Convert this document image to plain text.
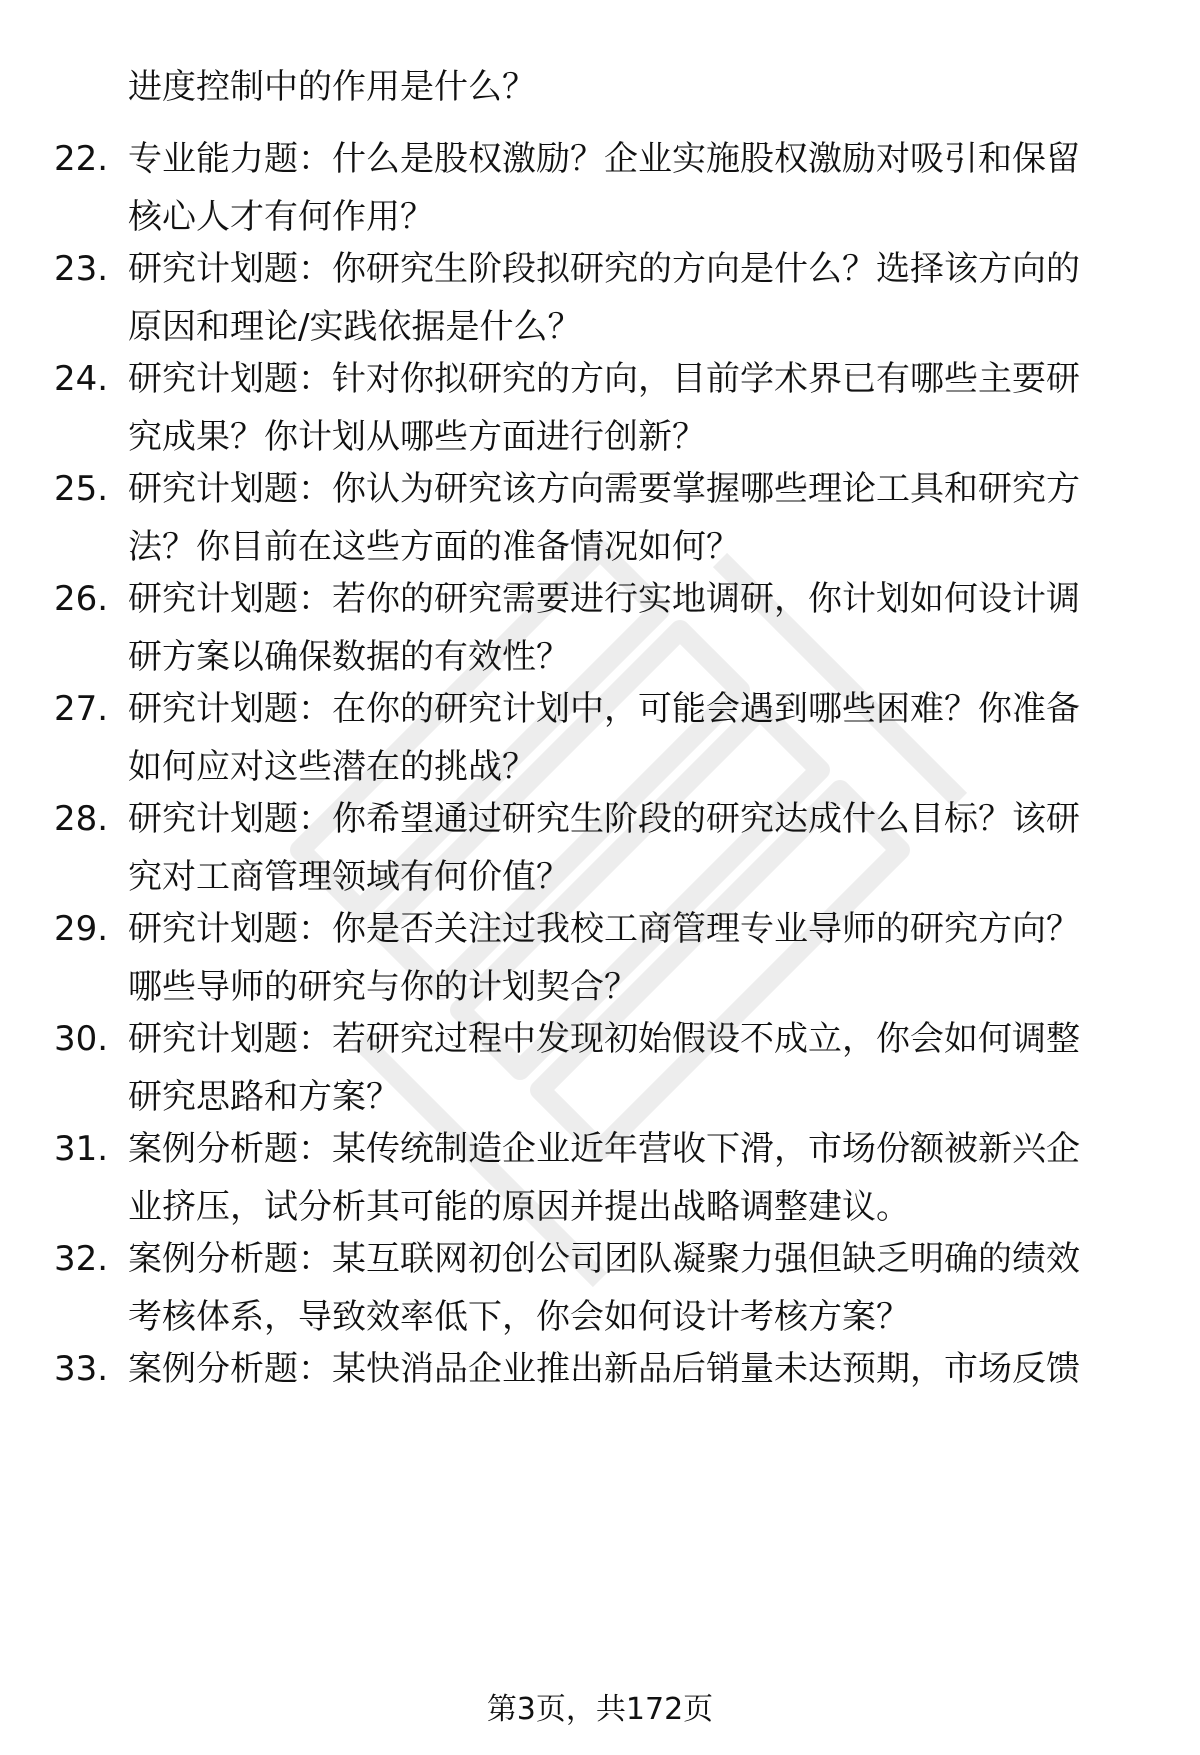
进度控制中的作用是什么？
22. 专业能力题：什么是股权激励？企业实施股权激励对吸引和保留
核心人才有何作用？
23. 研究计划题：你研究生阶段拟研究的方向是什么？选择该方向的
原因和理论/实践依据是什么？
24. 研究计划题：针对你拟研究的方向，目前学术界已有哪些主要研
究成果？你计划从哪些方面进行创新？
25. 研究计划题：你认为研究该方向需要掌握哪些理论工具和研究方
法？你目前在这些方面的准备情况如何？
26. 研究计划题：若你的研究需要进行实地调研，你计划如何设计调
研方案以确保数据的有效性？
27. 研究计划题：在你的研究计划中，可能会遇到哪些困难？你准备
如何应对这些潜在的挑战？
28. 研究计划题：你希望通过研究生阶段的研究达成什么目标？该研
究对工商管理领域有何价值？
29. 研究计划题：你是否关注过我校工商管理专业导师的研究方向？
哪些导师的研究与你的计划契合？
30. 研究计划题：若研究过程中发现初始假设不成立，你会如何调整
研究思路和方案？
31. 案例分析题：某传统制造企业近年营收下滑，市场份额被新兴企
业挤压，试分析其可能的原因并提出战略调整建议。
32. 案例分析题：某互联网初创公司团队凝聚力强但缺乏明确的绩效
考核体系，导致效率低下，你会如何设计考核方案？
33. 案例分析题：某快消品企业推出新品后销量未达预期，市场反馈
第3页，共172页
